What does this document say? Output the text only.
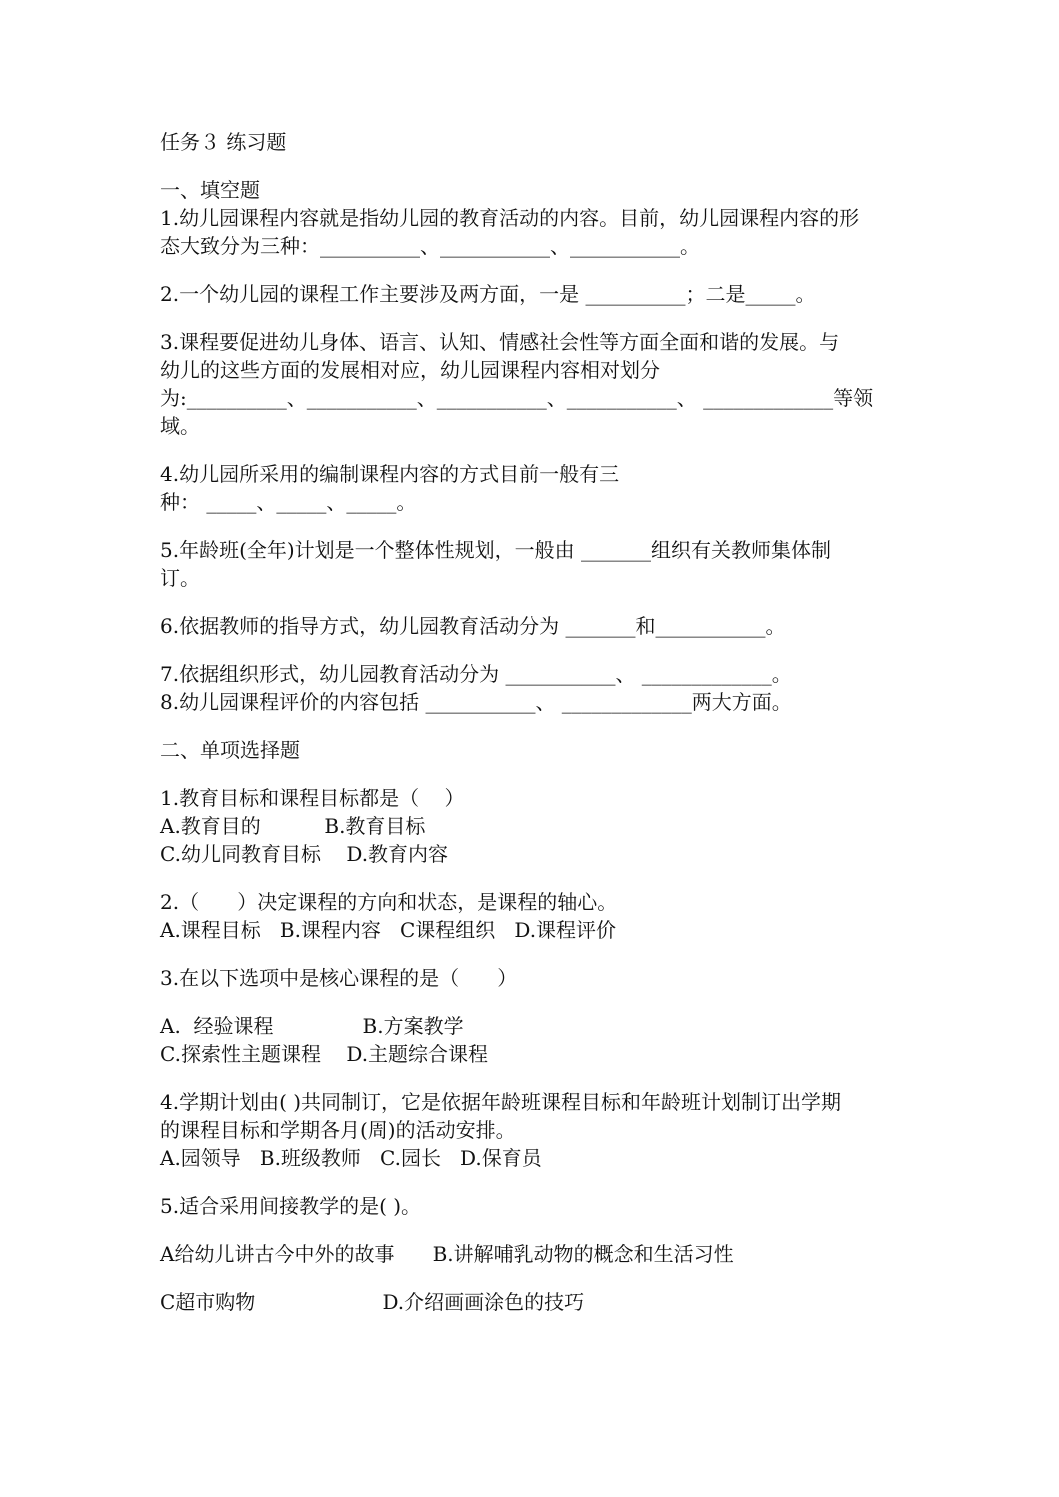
任务３ 练习题

一、填空题

1.幼儿园课程内容就是指幼儿园的教育活动的内容。目前，幼儿园课程内容的形

态大致分为三种：__________、___________、___________。

2.一个幼儿园的课程工作主要涉及两方面，一是 __________；二是_____。

3.课程要促进幼儿身体、语言、认知、情感社会性等方面全面和谐的发展。与

幼儿的这些方面的发展相对应，幼儿园课程内容相对划分

为:__________、___________、___________、___________、 _____________等领

域。

4.幼儿园所采用的编制课程内容的方式目前一般有三

种： _____、_____、_____。

5.年龄班(全年)计划是一个整体性规划，一般由 _______组织有关教师集体制

订。

6.依据教师的指导方式，幼儿园教育活动分为 _______和___________。

7.依据组织形式，幼儿园教育活动分为 ___________、 _____________。

8.幼儿园课程评价的内容包括 ___________、 _____________两大方面。

二、单项选择题

1.教育目标和课程目标都是（    ）

A.教育目的          B.教育目标

C.幼儿同教育目标    D.教育内容

2.（      ）决定课程的方向和状态，是课程的轴心。

A.课程目标   B.课程内容   C课程组织   D.课程评价

3.在以下选项中是核心课程的是（      ）

A.  经验课程              B.方案教学

C.探索性主题课程    D.主题综合课程

4.学期计划由( )共同制订，它是依据年龄班课程目标和年龄班计划制订出学期

的课程目标和学期各月(周)的活动安排。

A.园领导   B.班级教师   C.园长   D.保育员

5.适合采用间接教学的是( )。

A给幼儿讲古今中外的故事      B.讲解哺乳动物的概念和生活习性

C超市购物                    D.介绍画画涂色的技巧
